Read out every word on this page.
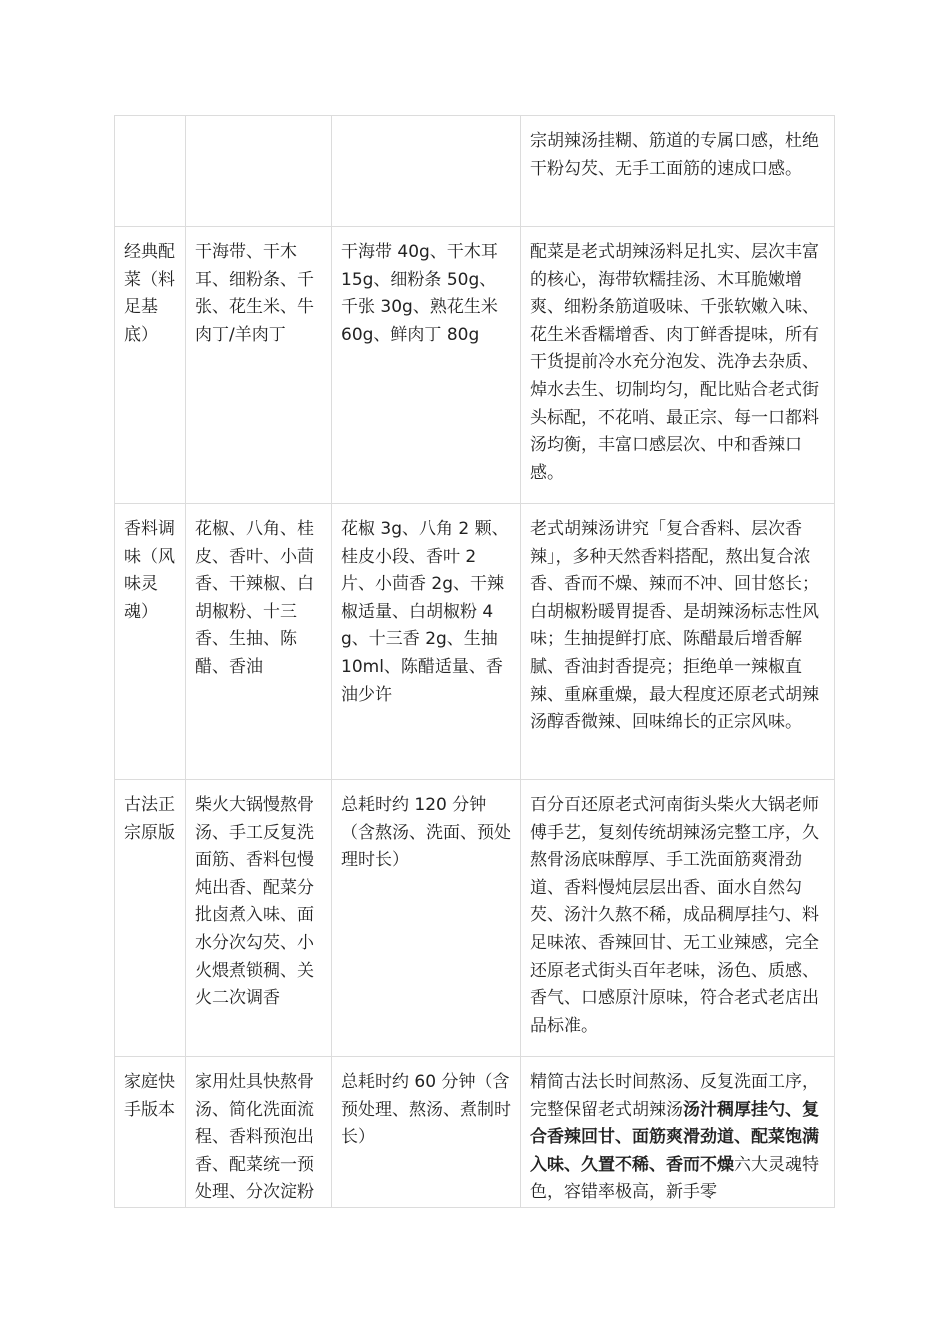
			宗胡辣汤挂糊、筋道的专属口感，杜绝干粉勾芡、无手工面筋的速成口感。
经典配菜（料足基底）	干海带、干木耳、细粉条、千张、花生米、牛肉丁/羊肉丁	干海带 40g、干木耳 15g、细粉条 50g、千张 30g、熟花生米 60g、鲜肉丁 80g	配菜是老式胡辣汤料足扎实、层次丰富的核心，海带软糯挂汤、木耳脆嫩增爽、细粉条筋道吸味、千张软嫩入味、花生米香糯增香、肉丁鲜香提味，所有干货提前冷水充分泡发、洗净去杂质、焯水去生、切制均匀，配比贴合老式街头标配，不花哨、最正宗、每一口都料汤均衡，丰富口感层次、中和香辣口感。
香料调味（风味灵魂）	花椒、八角、桂皮、香叶、小茴香、干辣椒、白胡椒粉、十三香、生抽、陈醋、香油	花椒 3g、八角 2 颗、桂皮小段、香叶 2 片、小茴香 2g、干辣椒适量、白胡椒粉 4g、十三香 2g、生抽 10ml、陈醋适量、香油少许	老式胡辣汤讲究「复合香料、层次香辣」，多种天然香料搭配，熬出复合浓香、香而不燥、辣而不冲、回甘悠长；白胡椒粉暖胃提香、是胡辣汤标志性风味；生抽提鲜打底、陈醋最后增香解腻、香油封香提亮；拒绝单一辣椒直辣、重麻重燥，最大程度还原老式胡辣汤醇香微辣、回味绵长的正宗风味。
古法正宗原版	柴火大锅慢熬骨汤、手工反复洗面筋、香料包慢炖出香、配菜分批卤煮入味、面水分次勾芡、小火煨煮锁稠、关火二次调香	总耗时约 120 分钟（含熬汤、洗面、预处理时长）	百分百还原老式河南街头柴火大锅老师傅手艺，复刻传统胡辣汤完整工序，久熬骨汤底味醇厚、手工洗面筋爽滑劲道、香料慢炖层层出香、面水自然勾芡、汤汁久熬不稀，成品稠厚挂勺、料足味浓、香辣回甘、无工业辣感，完全还原老式街头百年老味，汤色、质感、香气、口感原汁原味，符合老式老店出品标准。
家庭快手版本	家用灶具快熬骨汤、简化洗面流程、香料预泡出香、配菜统一预处理、分次淀粉	总耗时约 60 分钟（含预处理、熬汤、煮制时长）	精简古法长时间熬汤、反复洗面工序，完整保留老式胡辣汤汤汁稠厚挂勺、复合香辣回甘、面筋爽滑劲道、配菜饱满入味、久置不稀、香而不燥六大灵魂特色，容错率极高，新手零
